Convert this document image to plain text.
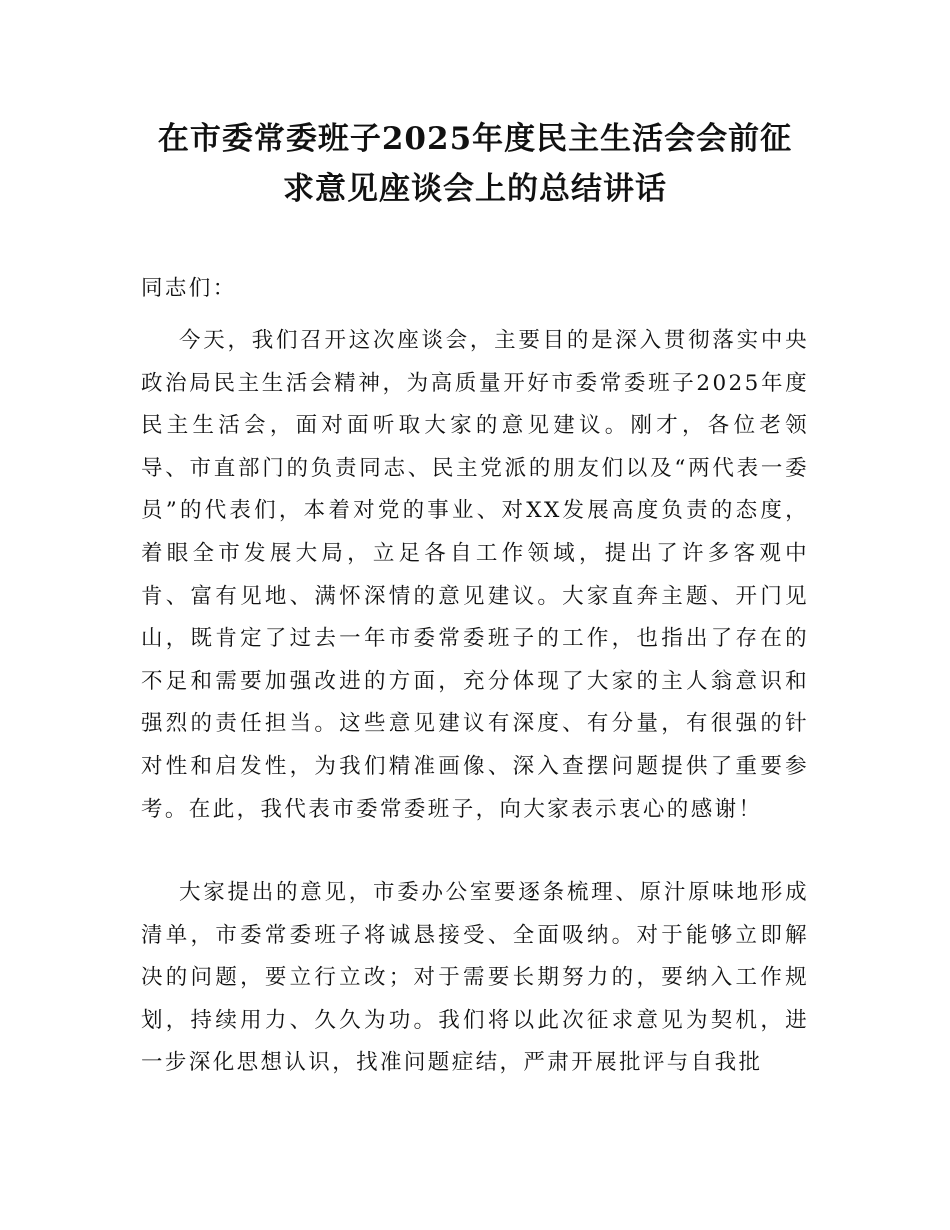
在市委常委班子2025年度民主生活会会前征
求意见座谈会上的总结讲话

同志们：

今天，我们召开这次座谈会，主要目的是深入贯彻落实中央政治局民主生活会精神，为高质量开好市委常委班子2025年度民主生活会，面对面听取大家的意见建议。刚才，各位老领导、市直部门的负责同志、民主党派的朋友们以及“两代表一委员”的代表们，本着对党的事业、对XX发展高度负责的态度，着眼全市发展大局，立足各自工作领域，提出了许多客观中肯、富有见地、满怀深情的意见建议。大家直奔主题、开门见山，既肯定了过去一年市委常委班子的工作，也指出了存在的不足和需要加强改进的方面，充分体现了大家的主人翁意识和强烈的责任担当。这些意见建议有深度、有分量，有很强的针对性和启发性，为我们精准画像、深入查摆问题提供了重要参考。在此，我代表市委常委班子，向大家表示衷心的感谢！

大家提出的意见，市委办公室要逐条梳理、原汁原味地形成清单，市委常委班子将诚恳接受、全面吸纳。对于能够立即解决的问题，要立行立改；对于需要长期努力的，要纳入工作规划，持续用力、久久为功。我们将以此次征求意见为契机，进一步深化思想认识，找准问题症结，严肃开展批评与自我批
